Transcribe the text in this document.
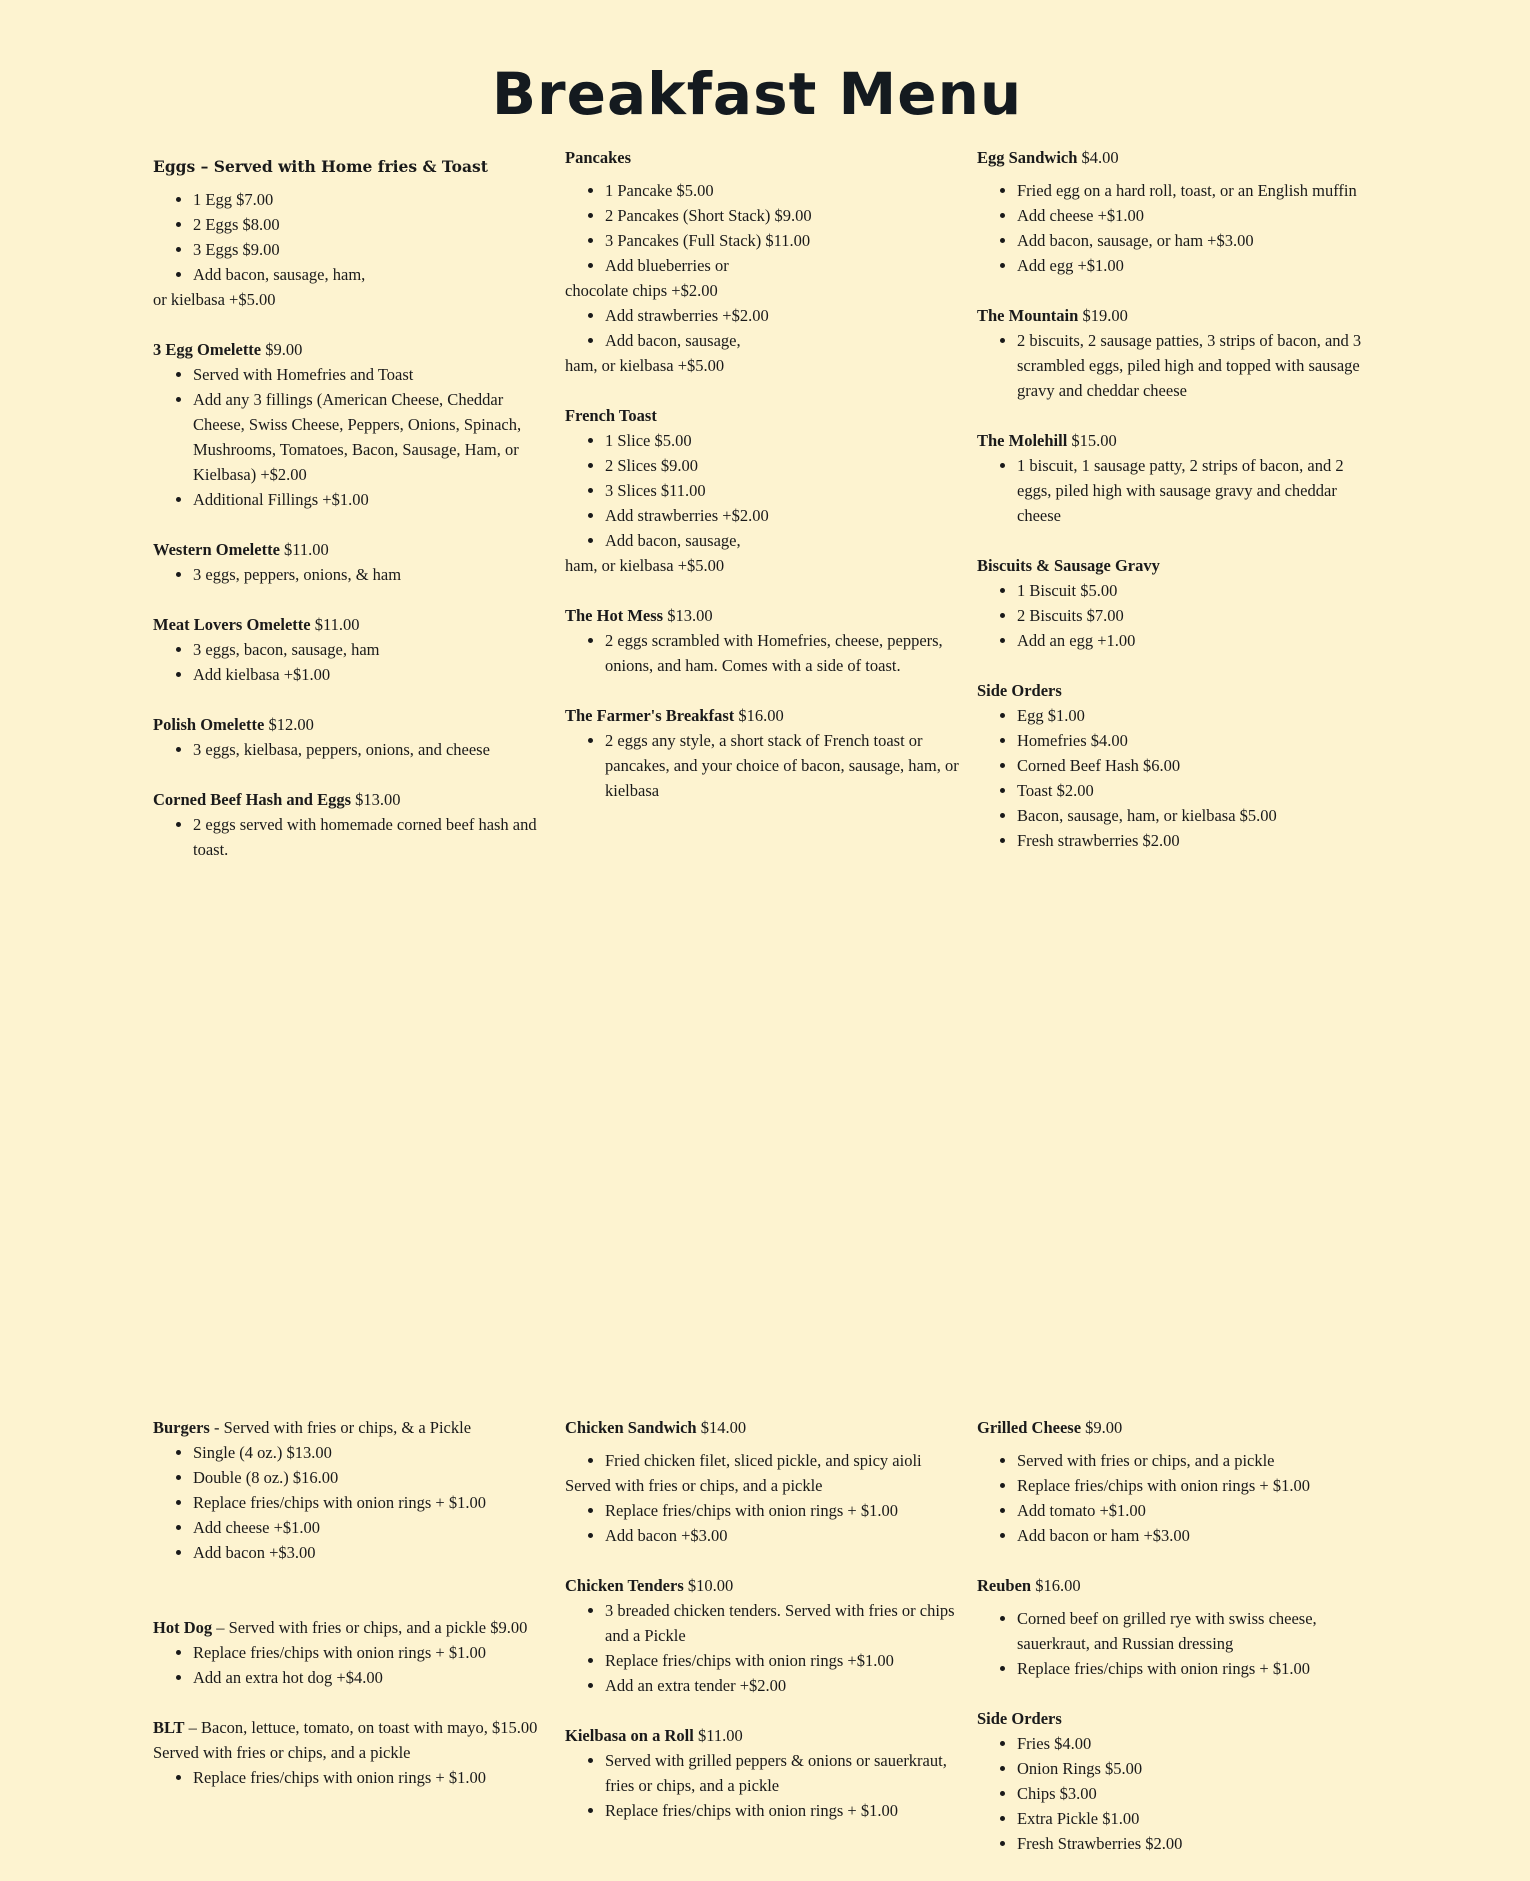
Breakfast Menu

Eggs – Served with Home fries & Toast

• 1 Egg $7.00
• 2 Eggs $8.00
• 3 Eggs $9.00
• Add bacon, sausage, ham,

or kielbasa +$5.00

3 Egg Omelette $9.00

• Served with Homefries and Toast
• Add any 3 fillings (American Cheese, Cheddar Cheese, Swiss Cheese, Peppers, Onions, Spinach, Mushrooms, Tomatoes, Bacon, Sausage, Ham, or Kielbasa) +$2.00
• Additional Fillings +$1.00

Western Omelette $11.00

• 3 eggs, peppers, onions, & ham

Meat Lovers Omelette $11.00

• 3 eggs, bacon, sausage, ham
• Add kielbasa +$1.00

Polish Omelette $12.00

• 3 eggs, kielbasa, peppers, onions, and cheese

Corned Beef Hash and Eggs $13.00

• 2 eggs served with homemade corned beef hash and toast.

Pancakes

• 1 Pancake $5.00
• 2 Pancakes (Short Stack) $9.00
• 3 Pancakes (Full Stack) $11.00
• Add blueberries or

chocolate chips +$2.00

• Add strawberries +$2.00
• Add bacon, sausage,

ham, or kielbasa +$5.00

French Toast

• 1 Slice $5.00
• 2 Slices $9.00
• 3 Slices $11.00
• Add strawberries +$2.00
• Add bacon, sausage,

ham, or kielbasa +$5.00

The Hot Mess $13.00

• 2 eggs scrambled with Homefries, cheese, peppers, onions, and ham. Comes with a side of toast.

The Farmer's Breakfast $16.00

• 2 eggs any style, a short stack of French toast or pancakes, and your choice of bacon, sausage, ham, or kielbasa

Egg Sandwich $4.00

• Fried egg on a hard roll, toast, or an English muffin
• Add cheese +$1.00
• Add bacon, sausage, or ham +$3.00
• Add egg +$1.00

The Mountain $19.00

• 2 biscuits, 2 sausage patties, 3 strips of bacon, and 3 scrambled eggs, piled high and topped with sausage gravy and cheddar cheese

The Molehill $15.00

• 1 biscuit, 1 sausage patty, 2 strips of bacon, and 2 eggs, piled high with sausage gravy and cheddar cheese

Biscuits & Sausage Gravy

• 1 Biscuit $5.00
• 2 Biscuits $7.00
• Add an egg +1.00

Side Orders

• Egg $1.00
• Homefries $4.00
• Corned Beef Hash $6.00
• Toast $2.00
• Bacon, sausage, ham, or kielbasa $5.00
• Fresh strawberries $2.00

Burgers - Served with fries or chips, & a Pickle

• Single (4 oz.) $13.00
• Double (8 oz.) $16.00
• Replace fries/chips with onion rings + $1.00
• Add cheese +$1.00
• Add bacon +$3.00

Hot Dog – Served with fries or chips, and a pickle $9.00

• Replace fries/chips with onion rings + $1.00
• Add an extra hot dog +$4.00

BLT – Bacon, lettuce, tomato, on toast with mayo, $15.00

Served with fries or chips, and a pickle

• Replace fries/chips with onion rings + $1.00

Chicken Sandwich $14.00

• Fried chicken filet, sliced pickle, and spicy aioli

Served with fries or chips, and a pickle

• Replace fries/chips with onion rings + $1.00
• Add bacon +$3.00

Chicken Tenders $10.00

• 3 breaded chicken tenders. Served with fries or chips and a Pickle
• Replace fries/chips with onion rings +$1.00
• Add an extra tender +$2.00

Kielbasa on a Roll $11.00

• Served with grilled peppers & onions or sauerkraut, fries or chips, and a pickle
• Replace fries/chips with onion rings + $1.00

Grilled Cheese $9.00

• Served with fries or chips, and a pickle
• Replace fries/chips with onion rings + $1.00
• Add tomato +$1.00
• Add bacon or ham +$3.00

Reuben $16.00

• Corned beef on grilled rye with swiss cheese, sauerkraut, and Russian dressing
• Replace fries/chips with onion rings + $1.00

Side Orders

• Fries $4.00
• Onion Rings $5.00
• Chips $3.00
• Extra Pickle $1.00
• Fresh Strawberries $2.00
